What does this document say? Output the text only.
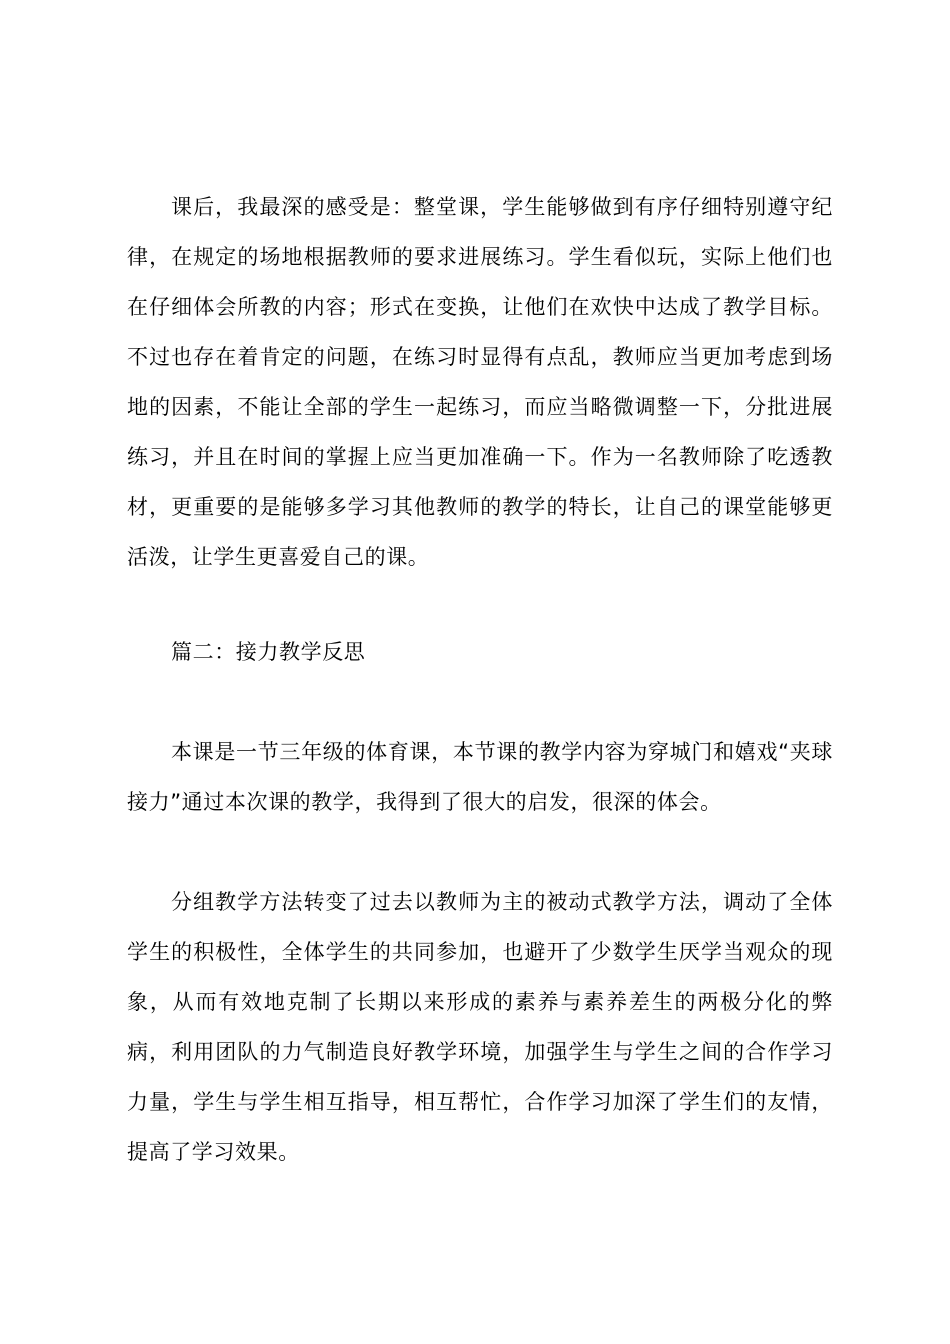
课后，我最深的感受是：整堂课，学生能够做到有序仔细特别遵守纪律，在规定的场地根据教师的要求进展练习。学生看似玩，实际上他们也在仔细体会所教的内容；形式在变换，让他们在欢快中达成了教学目标。不过也存在着肯定的问题，在练习时显得有点乱，教师应当更加考虑到场地的因素，不能让全部的学生一起练习，而应当略微调整一下，分批进展练习，并且在时间的掌握上应当更加准确一下。作为一名教师除了吃透教材，更重要的是能够多学习其他教师的教学的特长，让自己的课堂能够更活泼，让学生更喜爱自己的课。

篇二：接力教学反思

本课是一节三年级的体育课，本节课的教学内容为穿城门和嬉戏“夹球接力”通过本次课的教学，我得到了很大的启发，很深的体会。

分组教学方法转变了过去以教师为主的被动式教学方法，调动了全体学生的积极性，全体学生的共同参加，也避开了少数学生厌学当观众的现象，从而有效地克制了长期以来形成的素养与素养差生的两极分化的弊病，利用团队的力气制造良好教学环境，加强学生与学生之间的合作学习力量，学生与学生相互指导，相互帮忙，合作学习加深了学生们的友情，提高了学习效果。
